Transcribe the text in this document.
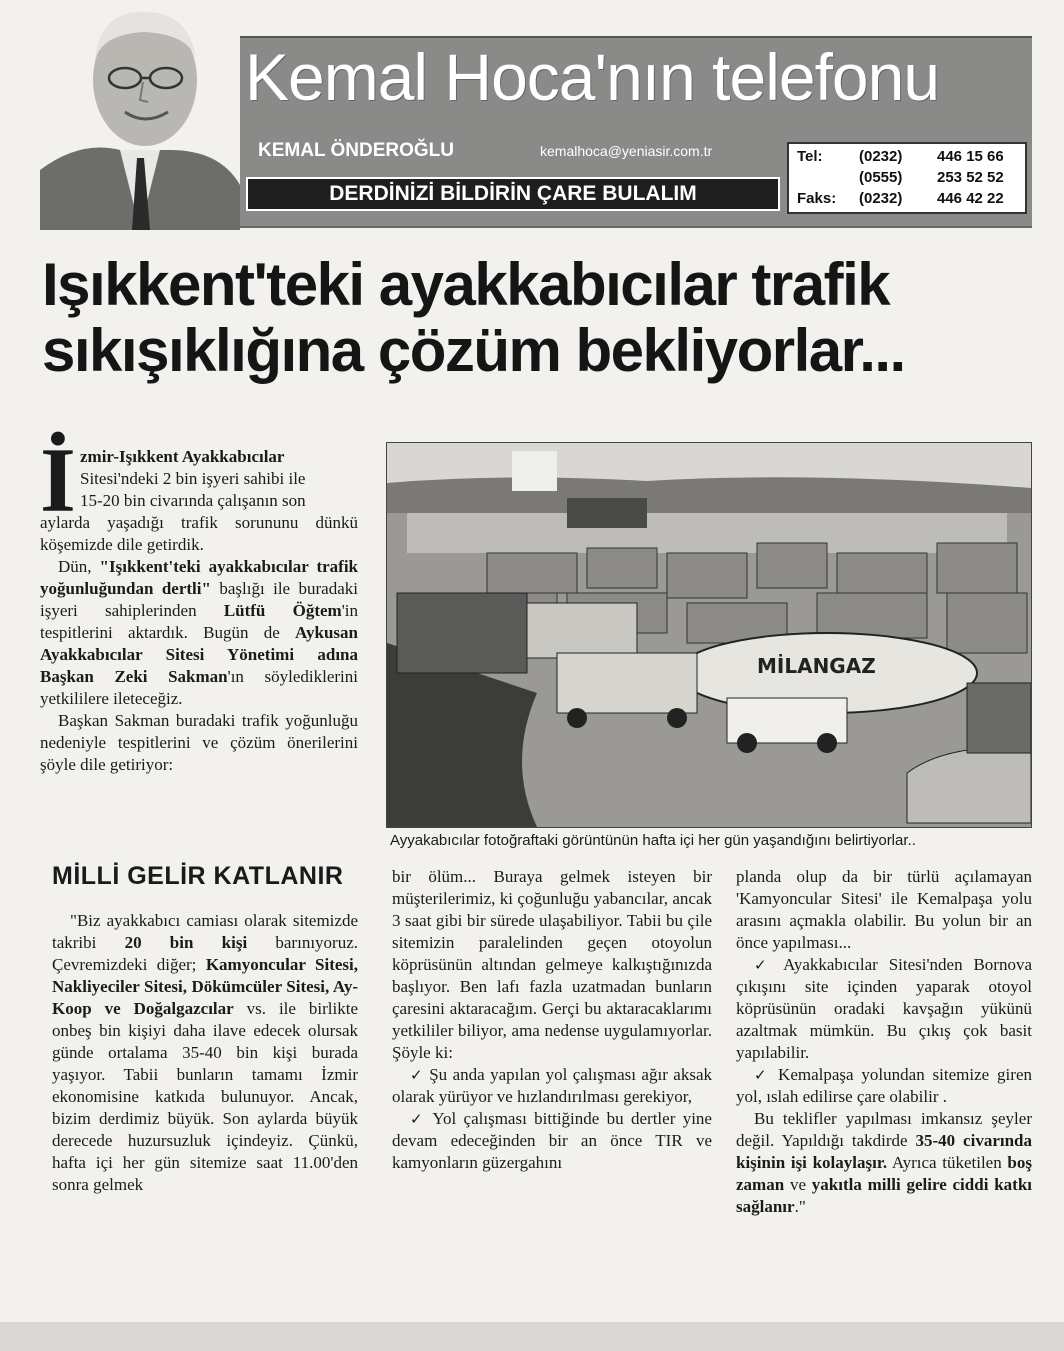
Kemal Hoca'nın telefonu
KEMAL ÖNDEROĞLU	kemalhoca@yeniasir.com.tr
DERDİNİZİ BİLDİRİN ÇARE BULALIM
Tel: (0232) 446 15 66
(0555) 253 52 52
Faks: (0232) 446 42 22
Işıkkent'teki ayakkabıcılar trafik
sıkışıklığına çözüm bekliyorlar...
İ zmir-Işıkkent Ayakkabıcılar
Sitesi'ndeki 2 bin işyeri sahibi ile
15-20 bin civarında çalışanın son

aylarda yaşadığı trafik sorununu dünkü köşemizde dile getirdik.

Dün, "Işıkkent'teki ayakkabıcılar trafik yoğunluğundan dertli" başlığı ile buradaki işyeri sahiplerinden Lütfü Öğtem'in tespitlerini aktardık. Bugün de Aykusan Ayakkabıcılar Sitesi Yönetimi adına Başkan Zeki Sakman'ın söylediklerini yetkililere ileteceğiz.

Başkan Sakman buradaki trafik yoğunluğu nedeniyle tespitlerini ve çözüm önerilerini şöyle dile getiriyor:

MİLLİ GELİR KATLANIR

"Biz ayakkabıcı camiası olarak sitemizde takribi 20 bin kişi barınıyoruz. Çevremizdeki diğer; Kamyoncular Sitesi, Nakliyeciler Sitesi, Dökümcüler Sitesi, Ay-Koop ve Doğalgazcılar vs. ile birlikte onbeş bin kişiyi daha ilave edecek olursak günde ortalama 35-40 bin kişi burada yaşıyor. Tabii bunların tamamı İzmir ekonomisine katkıda bulunuyor. Ancak, bizim derdimiz büyük. Son aylarda büyük derecede huzursuzluk içindeyiz. Çünkü, hafta içi her gün sitemize saat 11.00'den sonra gelmek

MİLANGAZ
Ayyakabıcılar fotoğraftaki görüntünün hafta içi her gün yaşandığını belirtiyorlar..

bir ölüm... Buraya gelmek isteyen bir müşterilerimiz, ki çoğunluğu yabancılar, ancak 3 saat gibi bir sürede ulaşabiliyor. Tabii bu çile sitemizin paralelinden geçen otoyolun köprüsünün altından gelmeye kalkıştığınızda başlıyor. Ben lafı fazla uzatmadan bunların çaresini aktaracağım. Gerçi bu aktaracaklarımı yetkililer biliyor, ama nedense uygulamıyorlar. Şöyle ki:

✓ Şu anda yapılan yol çalışması ağır aksak olarak yürüyor ve hızlandırılması gerekiyor,

✓ Yol çalışması bittiğinde bu dertler yine devam edeceğinden bir an önce TIR ve kamyonların güzergahını

planda olup da bir türlü açılamayan 'Kamyoncular Sitesi' ile Kemalpaşa yolu arasını açmakla olabilir. Bu yolun bir an önce yapılması...

✓ Ayakkabıcılar Sitesi'nden Bornova çıkışını site içinden yaparak otoyol köprüsünün oradaki kavşağın yükünü azaltmak mümkün. Bu çıkış çok basit yapılabilir.

✓ Kemalpaşa yolundan sitemize giren yol, ıslah edilirse çare olabilir .

Bu teklifler yapılması imkansız şeyler değil. Yapıldığı takdirde 35-40 civarında kişinin işi kolaylaşır. Ayrıca tüketilen boş zaman ve yakıtla milli gelire ciddi katkı sağlanır."
